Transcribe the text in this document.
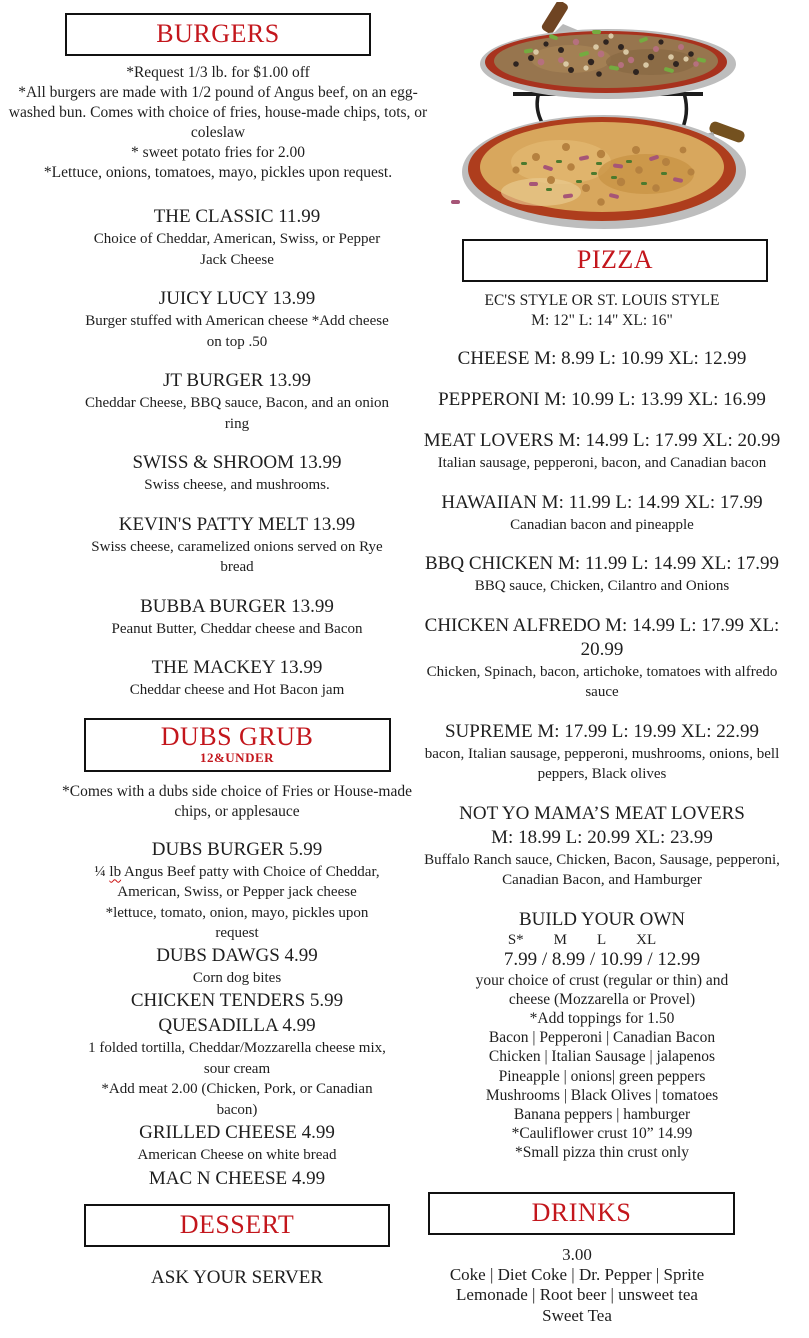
BURGERS
*Request 1/3 lb. for $1.00 off
*All burgers are made with 1/2 pound of Angus beef, on an egg-washed bun. Comes with choice of fries, house-made chips, tots, or coleslaw
* sweet potato fries for 2.00
*Lettuce, onions, tomatoes, mayo, pickles upon request.
THE CLASSIC 11.99
Choice of Cheddar, American, Swiss, or Pepper Jack Cheese
JUICY LUCY 13.99
Burger stuffed with American cheese *Add cheese on top .50
JT BURGER 13.99
Cheddar Cheese, BBQ sauce, Bacon, and an onion ring
SWISS & SHROOM 13.99
Swiss cheese, and mushrooms.
KEVIN'S PATTY MELT 13.99
Swiss cheese, caramelized onions served on Rye bread
BUBBA BURGER 13.99
Peanut Butter, Cheddar cheese and Bacon
THE MACKEY 13.99
Cheddar cheese and Hot Bacon jam
DUBS GRUB
12&UNDER
*Comes with a dubs side choice of Fries or House-made chips, or applesauce
DUBS BURGER 5.99
¼ lb Angus Beef patty with Choice of Cheddar, American, Swiss, or Pepper jack cheese
*lettuce, tomato, onion, mayo, pickles upon request
DUBS DAWGS 4.99
Corn dog bites
CHICKEN TENDERS 5.99
QUESADILLA 4.99
1 folded tortilla, Cheddar/Mozzarella cheese mix, sour cream
*Add meat 2.00 (Chicken, Pork, or Canadian bacon)
GRILLED CHEESE 4.99
American Cheese on white bread
MAC N CHEESE 4.99
DESSERT
ASK YOUR SERVER
PIZZA
EC'S STYLE OR ST. LOUIS STYLE
M: 12" L: 14" XL: 16"
CHEESE M: 8.99 L: 10.99 XL: 12.99
PEPPERONI M: 10.99 L: 13.99 XL: 16.99
MEAT LOVERS M: 14.99 L: 17.99 XL: 20.99
Italian sausage, pepperoni, bacon, and Canadian bacon
HAWAIIAN M: 11.99 L: 14.99 XL: 17.99
Canadian bacon and pineapple
BBQ CHICKEN M: 11.99 L: 14.99 XL: 17.99
BBQ sauce, Chicken, Cilantro and Onions
CHICKEN ALFREDO M: 14.99 L: 17.99 XL:
20.99
Chicken, Spinach, bacon, artichoke, tomatoes with alfredo sauce
SUPREME M: 17.99 L: 19.99 XL: 22.99
bacon, Italian sausage, pepperoni, mushrooms, onions, bell peppers, Black olives
NOT YO MAMA’S MEAT LOVERS
M: 18.99 L: 20.99 XL: 23.99
Buffalo Ranch sauce, Chicken, Bacon, Sausage, pepperoni, Canadian Bacon, and Hamburger
BUILD YOUR OWN
S* M L XL
7.99 / 8.99 / 10.99 / 12.99
your choice of crust (regular or thin) and
cheese (Mozzarella or Provel)
*Add toppings for 1.50
Bacon | Pepperoni | Canadian Bacon
Chicken | Italian Sausage | jalapenos
Pineapple | onions| green peppers
Mushrooms | Black Olives | tomatoes
Banana peppers | hamburger
*Cauliflower crust 10” 14.99
*Small pizza thin crust only
DRINKS
3.00
Coke | Diet Coke | Dr. Pepper | Sprite
Lemonade | Root beer | unsweet tea
Sweet Tea
